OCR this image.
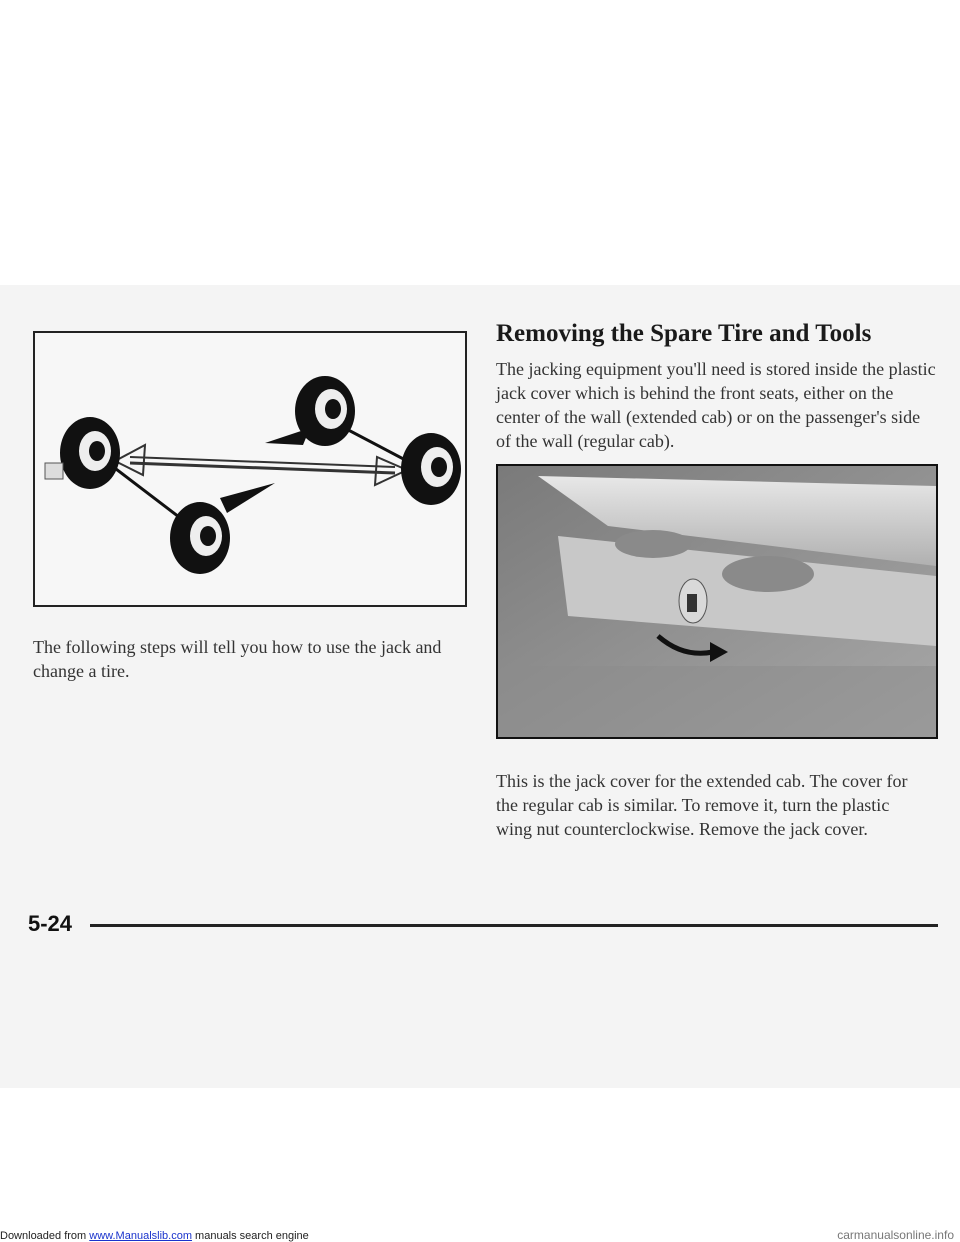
The following steps will tell you how to use the jack and change a tire.

Removing the Spare Tire and Tools

The jacking equipment you'll need is stored inside the plastic jack cover which is behind the front seats, either on the center of the wall (extended cab) or on the passenger's side of the wall (regular cab).

This is the jack cover for the extended cab. The cover for the regular cab is similar. To remove it, turn the plastic wing nut counterclockwise. Remove the jack cover.

5-24

Downloaded from www.Manualslib.com manuals search engine	carmanualsonline.info
